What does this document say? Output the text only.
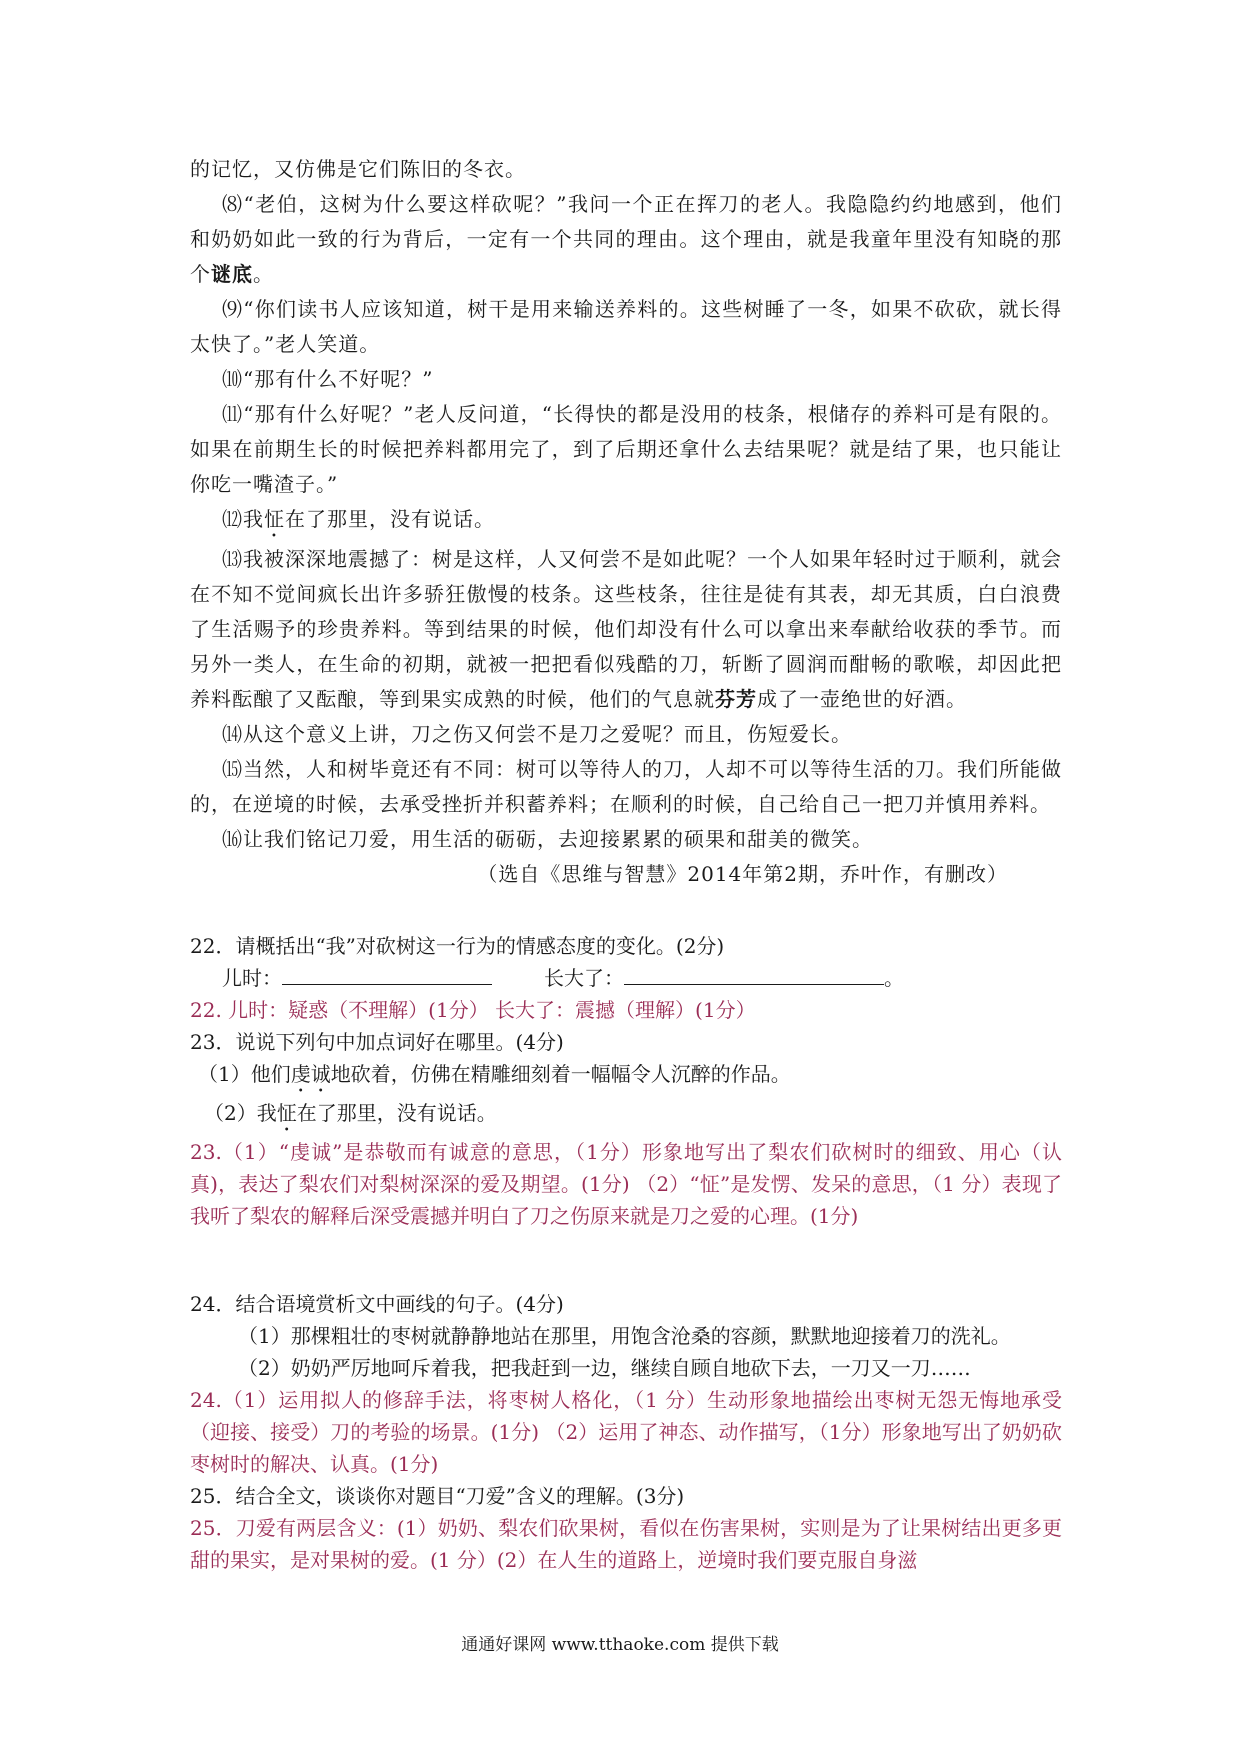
的记忆，又仿佛是它们陈旧的冬衣。

⑻“老伯，这树为什么要这样砍呢？”我问一个正在挥刀的老人。我隐隐约约地感到，他们和奶奶如此一致的行为背后，一定有一个共同的理由。这个理由，就是我童年里没有知晓的那个谜底。

⑼“你们读书人应该知道，树干是用来输送养料的。这些树睡了一冬，如果不砍砍，就长得太快了。”老人笑道。

⑽“那有什么不好呢？”

⑾“那有什么好呢？”老人反问道，“长得快的都是没用的枝条，根储存的养料可是有限的。如果在前期生长的时候把养料都用完了，到了后期还拿什么去结果呢？就是结了果，也只能让你吃一嘴渣子。”

⑿我怔在了那里，没有说话。

⒀我被深深地震撼了：树是这样，人又何尝不是如此呢？一个人如果年轻时过于顺利，就会在不知不觉间疯长出许多骄狂傲慢的枝条。这些枝条，往往是徒有其表，却无其质，白白浪费了生活赐予的珍贵养料。等到结果的时候，他们却没有什么可以拿出来奉献给收获的季节。而另外一类人，在生命的初期，就被一把把看似残酷的刀，斩断了圆润而酣畅的歌喉，却因此把养料酝酿了又酝酿，等到果实成熟的时候，他们的气息就芬芳成了一壶绝世的好酒。

⒁从这个意义上讲，刀之伤又何尝不是刀之爱呢？而且，伤短爱长。

⒂当然，人和树毕竟还有不同：树可以等待人的刀，人却不可以等待生活的刀。我们所能做的，在逆境的时候，去承受挫折并积蓄养料；在顺利的时候，自己给自己一把刀并慎用养料。

⒃让我们铭记刀爱，用生活的砺砺，去迎接累累的硕果和甜美的微笑。

（选自《思维与智慧》2014年第2期，乔叶作，有删改）

22．请概括出“我”对砍树这一行为的情感态度的变化。(2分)

儿时：	长大了：	。

22. 儿时：疑惑（不理解）(1分） 长大了：震撼（理解）(1分）

23．说说下列句中加点词好在哪里。(4分)

（1）他们虔诚地砍着，仿佛在精雕细刻着一幅幅令人沉醉的作品。

（2）我怔在了那里，没有说话。

23.（1）“虔诚”是恭敬而有诚意的意思，（1分）形象地写出了梨农们砍树时的细致、用心（认真)，表达了梨农们对梨树深深的爱及期望。(1分) （2）“怔”是发愣、发呆的意思，（1 分）表现了我听了梨农的解释后深受震撼并明白了刀之伤原来就是刀之爱的心理。(1分)

24．结合语境赏析文中画线的句子。(4分)

（1）那棵粗壮的枣树就静静地站在那里，用饱含沧桑的容颜，默默地迎接着刀的洗礼。

（2）奶奶严厉地呵斥着我，把我赶到一边，继续自顾自地砍下去，一刀又一刀……

24.（1）运用拟人的修辞手法，将枣树人格化，（1 分）生动形象地描绘出枣树无怨无悔地承受（迎接、接受）刀的考验的场景。(1分) （2）运用了神态、动作描写，（1分）形象地写出了奶奶砍枣树时的解决、认真。(1分)

25．结合全文，谈谈你对题目“刀爱”含义的理解。(3分)

25．刀爱有两层含义：(1）奶奶、梨农们砍果树，看似在伤害果树，实则是为了让果树结出更多更甜的果实，是对果树的爱。(1 分）(2）在人生的道路上，逆境时我们要克服自身滋

通通好课网 www.tthaoke.com 提供下载
